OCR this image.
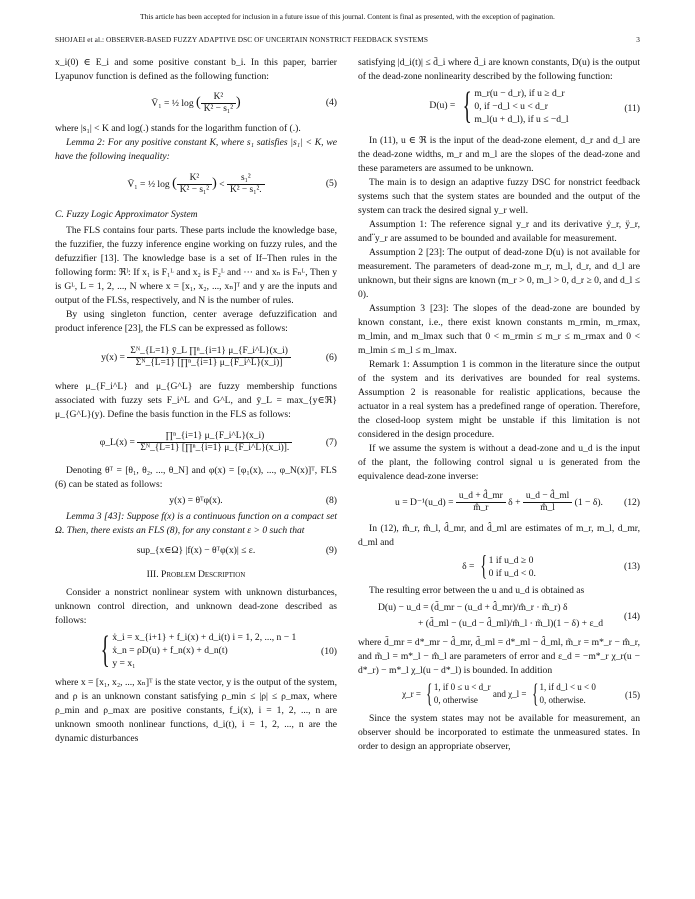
This article has been accepted for inclusion in a future issue of this journal. Content is final as presented, with the exception of pagination.
SHOJAEI et al.: OBSERVER-BASED FUZZY ADAPTIVE DSC OF UNCERTAIN NONSTRICT FEEDBACK SYSTEMS	3

x_i(0) ∈ E_i and some positive constant b_i. In this paper, barrier Lyapunov function is defined as the following function:

V̄₁ = ½ log ( $\frac{\text{K²}}{\text{K² − s₁²}}$ )	(4)

where |s₁| < K and log(.) stands for the logarithm function of (.).

Lemma 2: For any positive constant K, where s₁ satisfies |s₁| < K, we have the following inequality:

V̄₁ = ½ log ( $\frac{\text{K²}}{\text{K² − s₁²}}$ ) < $\frac{\text{s₁²}}{\text{K² − s₁².}}$	(5)
C. Fuzzy Logic Approximator System

The FLS contains four parts. These parts include the knowledge base, the fuzzifier, the fuzzy inference engine working on fuzzy rules, and the defuzzifier [13]. The knowledge base is a set of If–Then rules in the following form: ℜˡ: If x₁ is F₁ᴸ and x₂ is F₂ᴸ and ··· and xₙ is Fₙᴸ, Then y is Gᴸ, L = 1, 2, ..., N where x = [x₁, x₂, ..., xₙ]ᵀ and y are the inputs and output of the FLSs, respectively, and N is the number of rules.

By using singleton function, center average defuzzification and product inference [23], the FLS can be expressed as follows:

$y(x) = \frac{\text{Σᴺ\_\{L=1\} ȳ\_L ∏ⁿ\_\{i=1\} μ\_\{F\_i\textasciicircum{}L\}(x\_i)}}{\text{Σᴺ\_\{L=1\} [∏ⁿ\_\{i=1\} μ\_\{F\_i\textasciicircum{}L\}(x\_i)]}}$	(6)

where μ_{F_i^L} and μ_{G^L} are fuzzy membership functions associated with fuzzy sets F_i^L and G^L, and ȳ_L = max_{y∈ℜ} μ_{G^L}(y). Define the basis function in the FLS as follows:

φ_L(x) = $\frac{\text{∏ⁿ\_\{i=1\} μ\_\{F\_i\textasciicircum{}L\}(x\_i)}}{\text{Σᴺ\_\{L=1\} [∏ⁿ\_\{i=1\} μ\_\{F\_i\textasciicircum{}L\}(x\_i)].}}$	(7)

Denoting θᵀ = [θ₁, θ₂, ..., θ_N] and φ(x) = [φ₁(x), ..., φ_N(x)]ᵀ, FLS (6) can be stated as follows:

y(x) = θᵀφ(x).	(8)

Lemma 3 [43]: Suppose f(x) is a continuous function on a compact set Ω. Then, there exists an FLS (8), for any constant ε > 0 such that

sup_{x∈Ω} |f(x) − θᵀφ(x)| ≤ ε.	(9)
III. Problem Description

Consider a nonstrict nonlinear system with unknown disturbances, unknown control direction, and unknown dead-zone described as follows:

{ ẋ_i = x_{i+1} + f_i(x) + d_i(t) i = 1, 2, ..., n − 1
ẋ_n = ρD(u) + f_n(x) + d_n(t)
y = x₁
(10)

where x = [x₁, x₂, ..., xₙ]ᵀ is the state vector, y is the output of the system, and ρ is an unknown constant satisfying ρ_min ≤ |ρ| ≤ ρ_max, where ρ_min and ρ_max are positive constants, f_i(x), i = 1, 2, ..., n are unknown smooth nonlinear functions, d_i(t), i = 1, 2, ..., n are the dynamic disturbances

satisfying |d_i(t)| ≤ d̄_i where d̄_i are known constants, D(u) is the output of the dead-zone nonlinearity described by the following function:

D(u) = { m_r(u − d_r), if u ≥ d_r
0, if −d_l < u < d_r
m_l(u + d_l), if u ≤ −d_l
(11)

In (11), u ∈ ℜ is the input of the dead-zone element, d_r and d_l are the dead-zone widths, m_r and m_l are the slopes of the dead-zone and these parameters are assumed to be unknown.

The main is to design an adaptive fuzzy DSC for nonstrict feedback systems such that the system states are bounded and the output of the system can track the desired signal y_r well.

Assumption 1: The reference signal y_r and its derivative ẏ_r, ÿ_r, and ⃛y_r are assumed to be bounded and available for measurement.

Assumption 2 [23]: The output of dead-zone D(u) is not available for measurement. The parameters of dead-zone m_r, m_l, d_r, and d_l are unknown, but their signs are known (m_r > 0, m_l > 0, d_r ≥ 0, and d_l ≤ 0).

Assumption 3 [23]: The slopes of the dead-zone are bounded by known constant, i.e., there exist known constants m_rmin, m_rmax, m_lmin, and m_lmax such that 0 < m_rmin ≤ m_r ≤ m_rmax and 0 < m_lmin ≤ m_l ≤ m_lmax.

Remark 1: Assumption 1 is common in the literature since the output of the system and its derivatives are bounded for real systems. Assumption 2 is reasonable for realistic applications, because the actuator in a real system has a predefined range of operation. Therefore, the closed-loop system might be unstable if this limitation is not considered in the design procedure.

If we assume the system is without a dead-zone and u_d is the input of the plant, the following control signal u is generated from the equivalence dead-zone inverse:

u = D⁻¹(u_d) = $\frac{u\_d + d̂\_mr}{m̂\_r}$ $\delta + \frac{u\_d - d̂\_ml}{m̂\_l} (1 - \delta)$. (12)

In (12), m̂_r, m̂_l, d̂_mr, and d̂_ml are estimates of m_r, m_l, d_mr, d_ml and

δ = { 1 if u_d ≥ 0
0 if u_d < 0.
(13)

The resulting error between the u and u_d is obtained as

D(u) − u_d = (d̃_mr − (u_d + d̂_mr)/m̂_r · m̃_r) δ
+ (d̃_ml − (u_d − d̂_ml)/m̂_l · m̃_l)(1 − δ) + ε_d
(14)

where d̃_mr = d*_mr − d̂_mr, d̃_ml = d*_ml − d̂_ml, m̃_r = m*_r − m̂_r, and m̃_l = m*_l − m̂_l are parameters of error and ε_d = −m*_r χ_r(u − d*_r) − m*_l χ_l(u − d*_l) is bounded. In addition

χ_r = { 1, if 0 ≤ u < d_r
0, otherwise
and χ_l = { 1, if d_l < u < 0
0, otherwise.	(15)

Since the system states may not be available for measurement, an observer should be incorporated to estimate the unmeasured states. In order to design an appropriate observer,
